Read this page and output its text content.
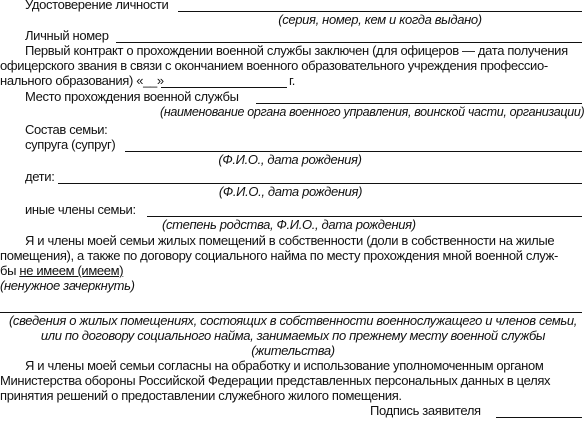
Удостоверение личности
(серия, номер, кем и когда выдано)
Личный номер
Первый контракт о прохождении военной службы заключен (для офицеров — дата получения
офицерского звания в связи с окончанием военного образовательного учреждения профессио-
нального образования) «__»	г.
Место прохождения военной службы
(наименование органа военного управления, воинской части, организации)
Состав семьи:
супруга (супруг)
(Ф.И.О., дата рождения)
дети:
(Ф.И.О., дата рождения)
иные члены семьи:
(степень родства, Ф.И.О., дата рождения)
Я и члены моей семьи жилых помещений в собственности (доли в собственности на жилые
помещения), а также по договору социального найма по месту прохождения мной военной служ-
бы не имеем (имеем)
(ненужное зачеркнуть)
(сведения о жилых помещениях, состоящих в собственности военнослужащего и членов семьи,
или по договору социального найма, занимаемых по прежнему месту военной службы
(жительства)
Я и члены моей семьи согласны на обработку и использование уполномоченным органом
Министерства обороны Российской Федерации представленных персональных данных в целях
принятия решений о предоставлении служебного жилого помещения.
Подпись заявителя
